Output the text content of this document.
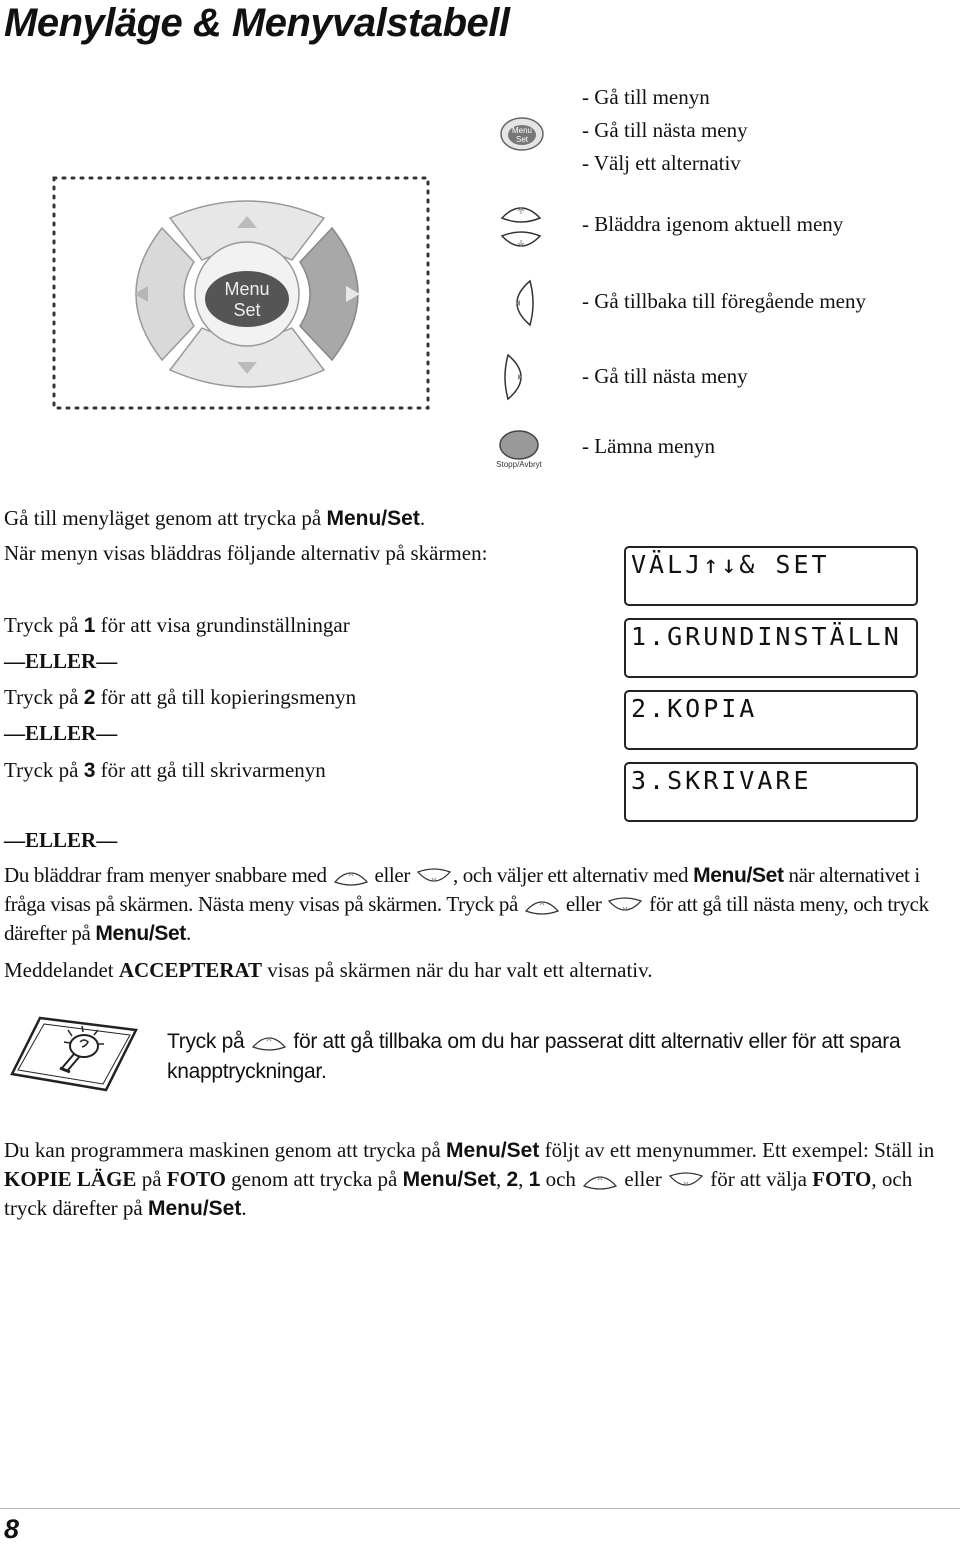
Menyläge & Menyvalstabell
Menu
Set
Menu
Set
Stopp/Avbryt
- Gå till menyn
- Gå till nästa meny
- Välj ett alternativ
- Bläddra igenom aktuell meny
- Gå tillbaka till föregående meny
- Gå till nästa meny
- Lämna menyn
Gå till menyläget genom att trycka på Menu/Set.
När menyn visas bläddras följande alternativ på skärmen:
Tryck på 1 för att visa grundinställningar
—ELLER—
Tryck på 2 för att gå till kopieringsmenyn
—ELLER—
Tryck på 3 för att gå till skrivarmenyn
—ELLER—
VÄLJ↑↓& SET
1.GRUNDINSTÄLLN
2.KOPIA
3.SKRIVARE
Du bläddrar fram menyer snabbare med  eller , och väljer ett alternativ med Menu/Set när alternativet i fråga visas på skärmen. Nästa meny visas på skärmen. Tryck på  eller  för att gå till nästa meny, och tryck därefter på Menu/Set.
Meddelandet ACCEPTERAT visas på skärmen när du har valt ett alternativ.
Tryck på  för att gå tillbaka om du har passerat ditt alternativ eller för att spara knapptryckningar.
Du kan programmera maskinen genom att trycka på Menu/Set följt av ett menynummer. Ett exempel: Ställ in KOPIE LÄGE på FOTO genom att trycka på Menu/Set, 2, 1 och  eller  för att välja FOTO, och tryck därefter på Menu/Set.
8
